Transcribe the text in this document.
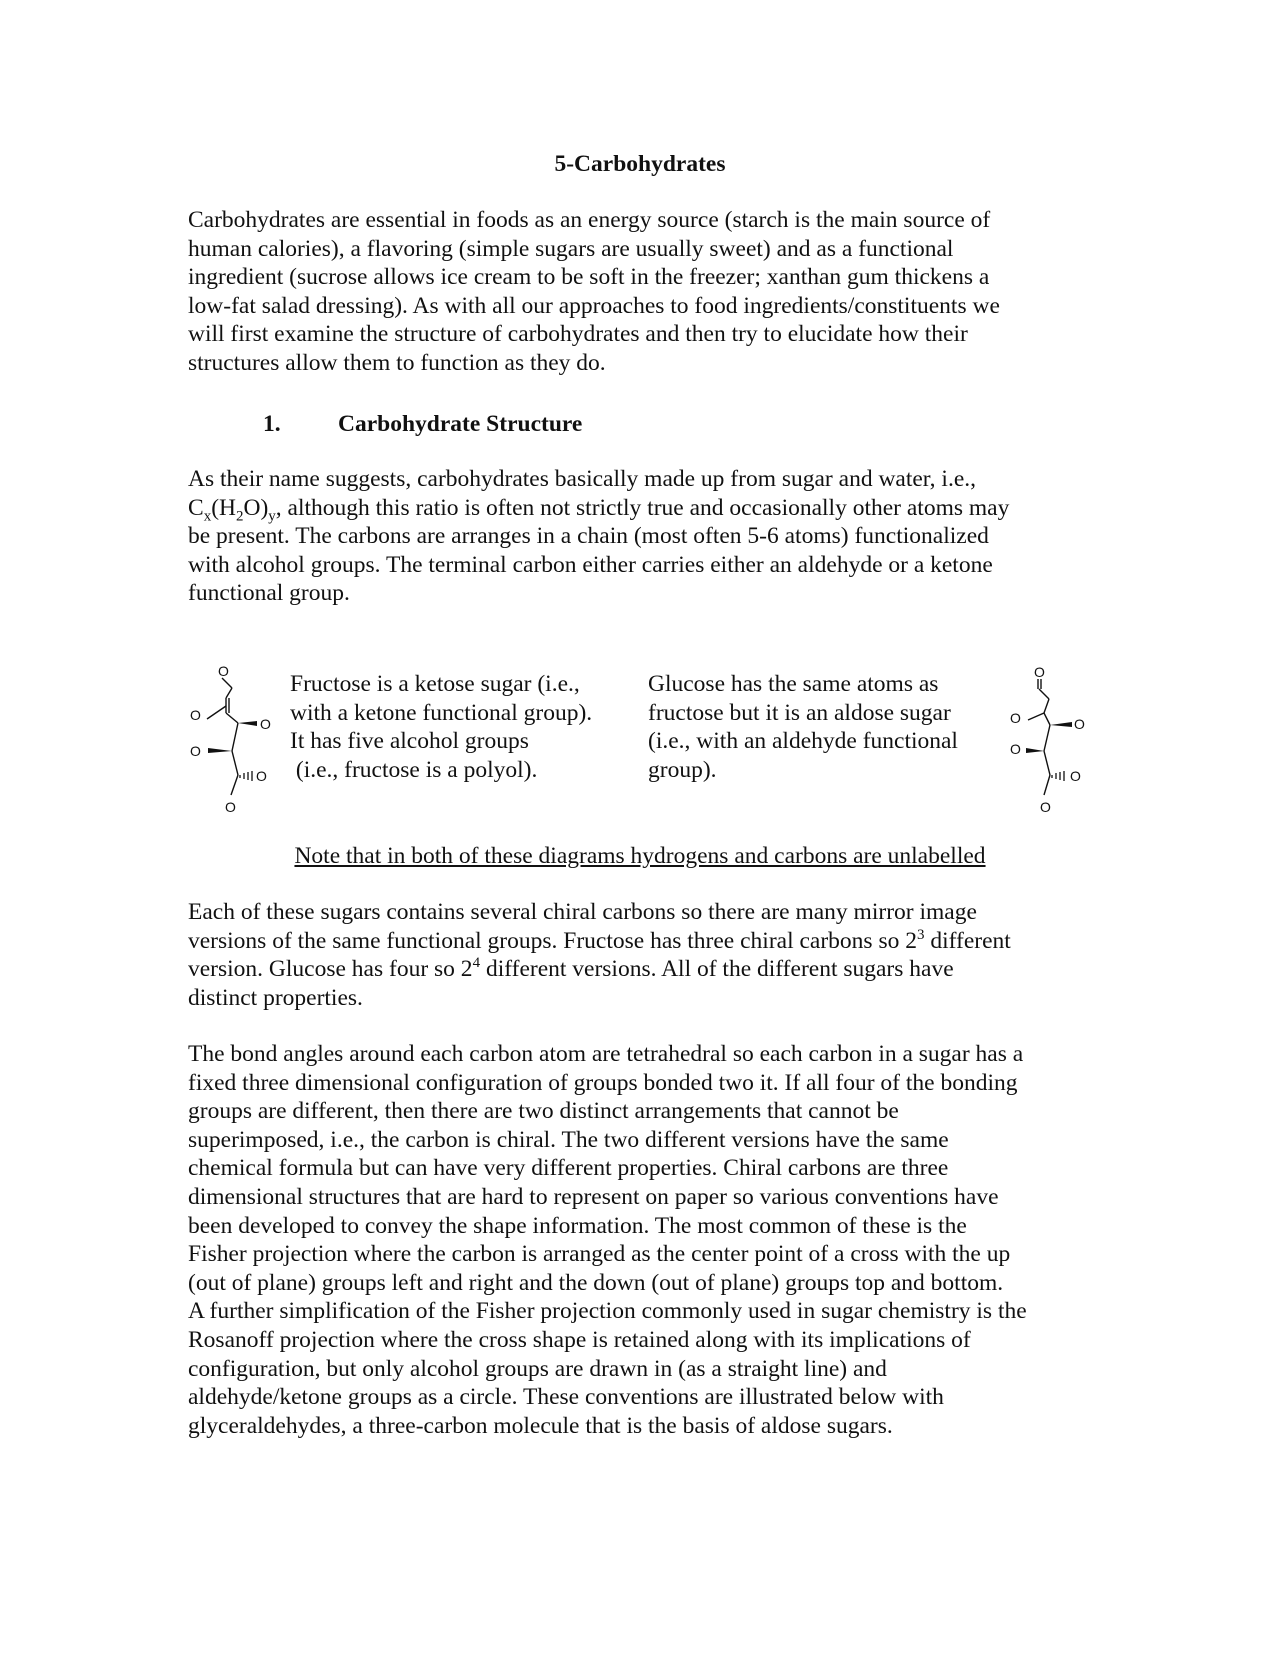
5-Carbohydrates

Carbohydrates are essential in foods as an energy source (starch is the main source of
human calories), a flavoring (simple sugars are usually sweet) and as a functional
ingredient (sucrose allows ice cream to be soft in the freezer; xanthan gum thickens a
low-fat salad dressing). As with all our approaches to food ingredients/constituents we
will first examine the structure of carbohydrates and then try to elucidate how their
structures allow them to function as they do.

1. Carbohydrate Structure

As their name suggests, carbohydrates basically made up from sugar and water, i.e.,
$C_x(H_2O)_y$, although this ratio is often not strictly true and occasionally other atoms may
be present. The carbons are arranges in a chain (most often 5-6 atoms) functionalized
with alcohol groups. The terminal carbon either carries either an aldehyde or a ketone
functional group.

O
O
O
O
O
O
Fructose is a ketose sugar (i.e.,
with a ketone functional group).
It has five alcohol groups
(i.e., fructose is a polyol).
Glucose has the same atoms as
fructose but it is an aldose sugar
(i.e., with an aldehyde functional
group).
O
O	O
O
O
O
Note that in both of these diagrams hydrogens and carbons are unlabelled

Each of these sugars contains several chiral carbons so there are many mirror image
versions of the same functional groups. Fructose has three chiral carbons so $2^3$ different
version. Glucose has four so $2^4$ different versions. All of the different sugars have
distinct properties.

The bond angles around each carbon atom are tetrahedral so each carbon in a sugar has a
fixed three dimensional configuration of groups bonded two it. If all four of the bonding
groups are different, then there are two distinct arrangements that cannot be
superimposed, i.e., the carbon is chiral. The two different versions have the same
chemical formula but can have very different properties. Chiral carbons are three
dimensional structures that are hard to represent on paper so various conventions have
been developed to convey the shape information. The most common of these is the
Fisher projection where the carbon is arranged as the center point of a cross with the up
(out of plane) groups left and right and the down (out of plane) groups top and bottom.
A further simplification of the Fisher projection commonly used in sugar chemistry is the
Rosanoff projection where the cross shape is retained along with its implications of
configuration, but only alcohol groups are drawn in (as a straight line) and
aldehyde/ketone groups as a circle. These conventions are illustrated below with
glyceraldehydes, a three-carbon molecule that is the basis of aldose sugars.
